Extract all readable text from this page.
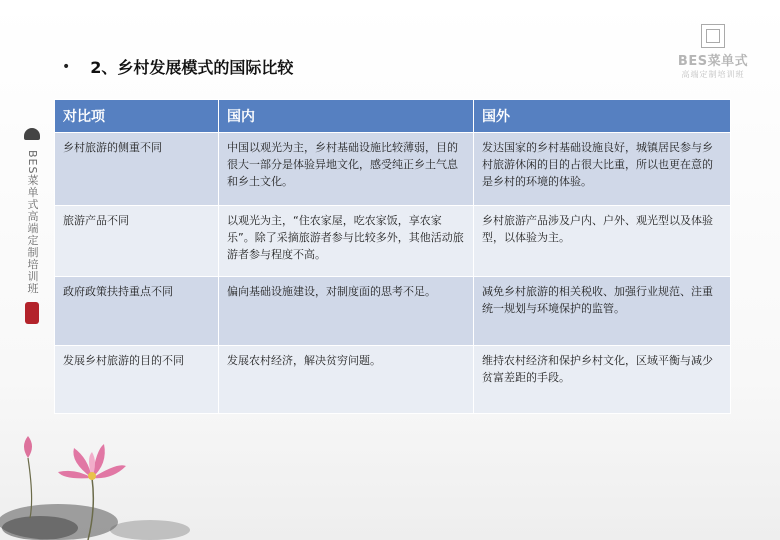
• 2、乡村发展模式的国际比较	BES菜单式
高端定制培训班
BES菜单式高端定制培训班
对比项	国内	国外
乡村旅游的侧重不同	中国以观光为主，乡村基础设施比较薄弱，目的很大一部分是体验异地文化，感受纯正乡土气息和乡土文化。	发达国家的乡村基础设施良好，城镇居民参与乡村旅游休闲的目的占很大比重，所以也更在意的是乡村的环境的体验。
旅游产品不同	以观光为主，“住农家屋，吃农家饭，享农家乐”。除了采摘旅游者参与比较多外，其他活动旅游者参与程度不高。	乡村旅游产品涉及户内、户外、观光型以及体验型，以体验为主。
政府政策扶持重点不同	偏向基础设施建设，对制度面的思考不足。	减免乡村旅游的相关税收、加强行业规范、注重统一规划与环境保护的监管。
发展乡村旅游的目的不同	发展农村经济，解决贫穷问题。	维持农村经济和保护乡村文化，区域平衡与减少贫富差距的手段。
